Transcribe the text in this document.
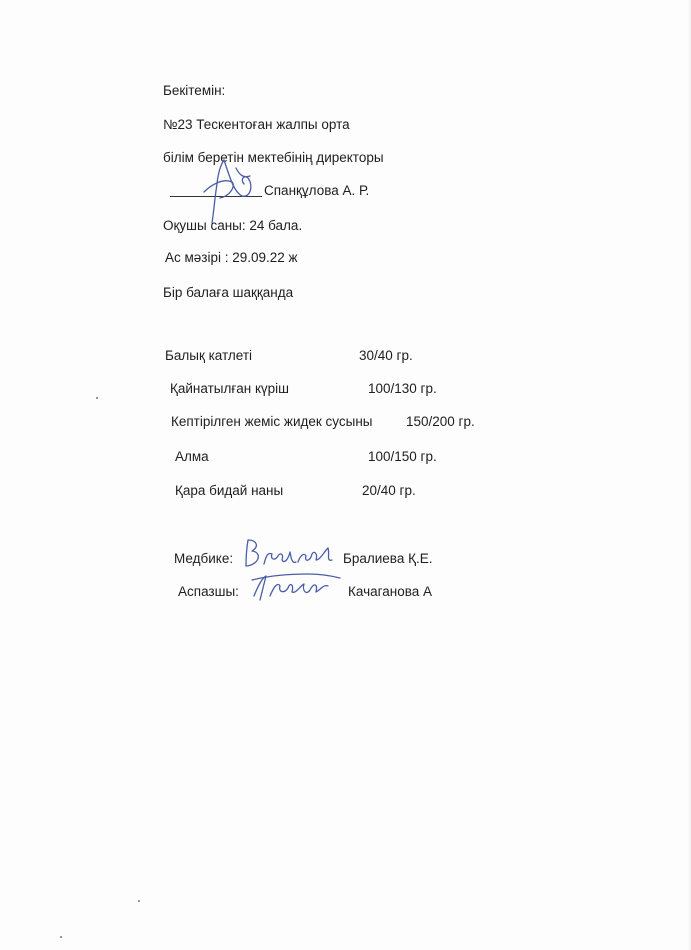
Бекітемін:
№23 Тескентоған жалпы орта
білім беретін мектебінің директоры
Спанқұлова А. Р.
Оқушы саны: 24 бала.
Ас мәзірі : 29.09.22 ж
Бір балаға шаққанда
Балық катлеті	30/40 гр.
Қайнатылған күріш	100/130 гр.
Кептірілген жеміс жидек сусыны 150/200 гр.
Алма	100/150 гр.
Қара бидай наны	20/40 гр.
Медбике:	Бралиева Қ.Е.
Аспазшы:	Качаганова А
